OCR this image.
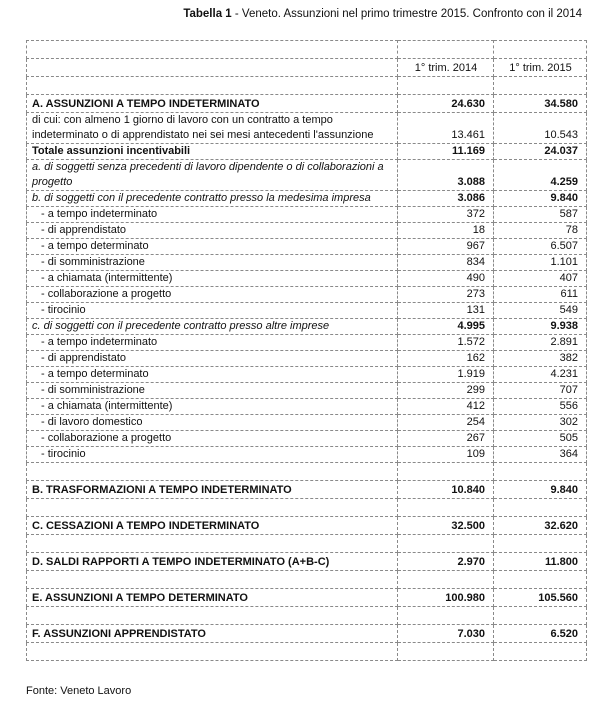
Tabella 1 - Veneto. Assunzioni nel primo trimestre 2015. Confronto con il 2014

	1° trim. 2014	1° trim. 2015

A. ASSUNZIONI A TEMPO INDETERMINATO	24.630	34.580
di cui: con almeno 1 giorno di lavoro con un contratto a tempo indeterminato o di apprendistato nei sei mesi antecedenti l'assunzione	13.461	10.543
Totale assunzioni incentivabili	11.169	24.037
a. di soggetti senza precedenti di lavoro dipendente o di collaborazioni a progetto	3.088	4.259
b. di soggetti con il precedente contratto presso la medesima impresa	3.086	9.840
- a tempo indeterminato	372	587
- di apprendistato	18	78
- a tempo determinato	967	6.507
- di somministrazione	834	1.101
- a chiamata (intermittente)	490	407
- collaborazione a progetto	273	611
- tirocinio	131	549
c. di soggetti con il precedente contratto presso altre imprese	4.995	9.938
- a tempo indeterminato	1.572	2.891
- di apprendistato	162	382
- a tempo determinato	1.919	4.231
- di somministrazione	299	707
- a chiamata (intermittente)	412	556
- di lavoro domestico	254	302
- collaborazione a progetto	267	505
- tirocinio	109	364

B. TRASFORMAZIONI A TEMPO INDETERMINATO	10.840	9.840

C. CESSAZIONI A TEMPO INDETERMINATO	32.500	32.620

D. SALDI RAPPORTI A TEMPO INDETERMINATO (A+B-C)	2.970	11.800

E. ASSUNZIONI A TEMPO DETERMINATO	100.980	105.560

F. ASSUNZIONI APPRENDISTATO	7.030	6.520

Fonte: Veneto Lavoro
